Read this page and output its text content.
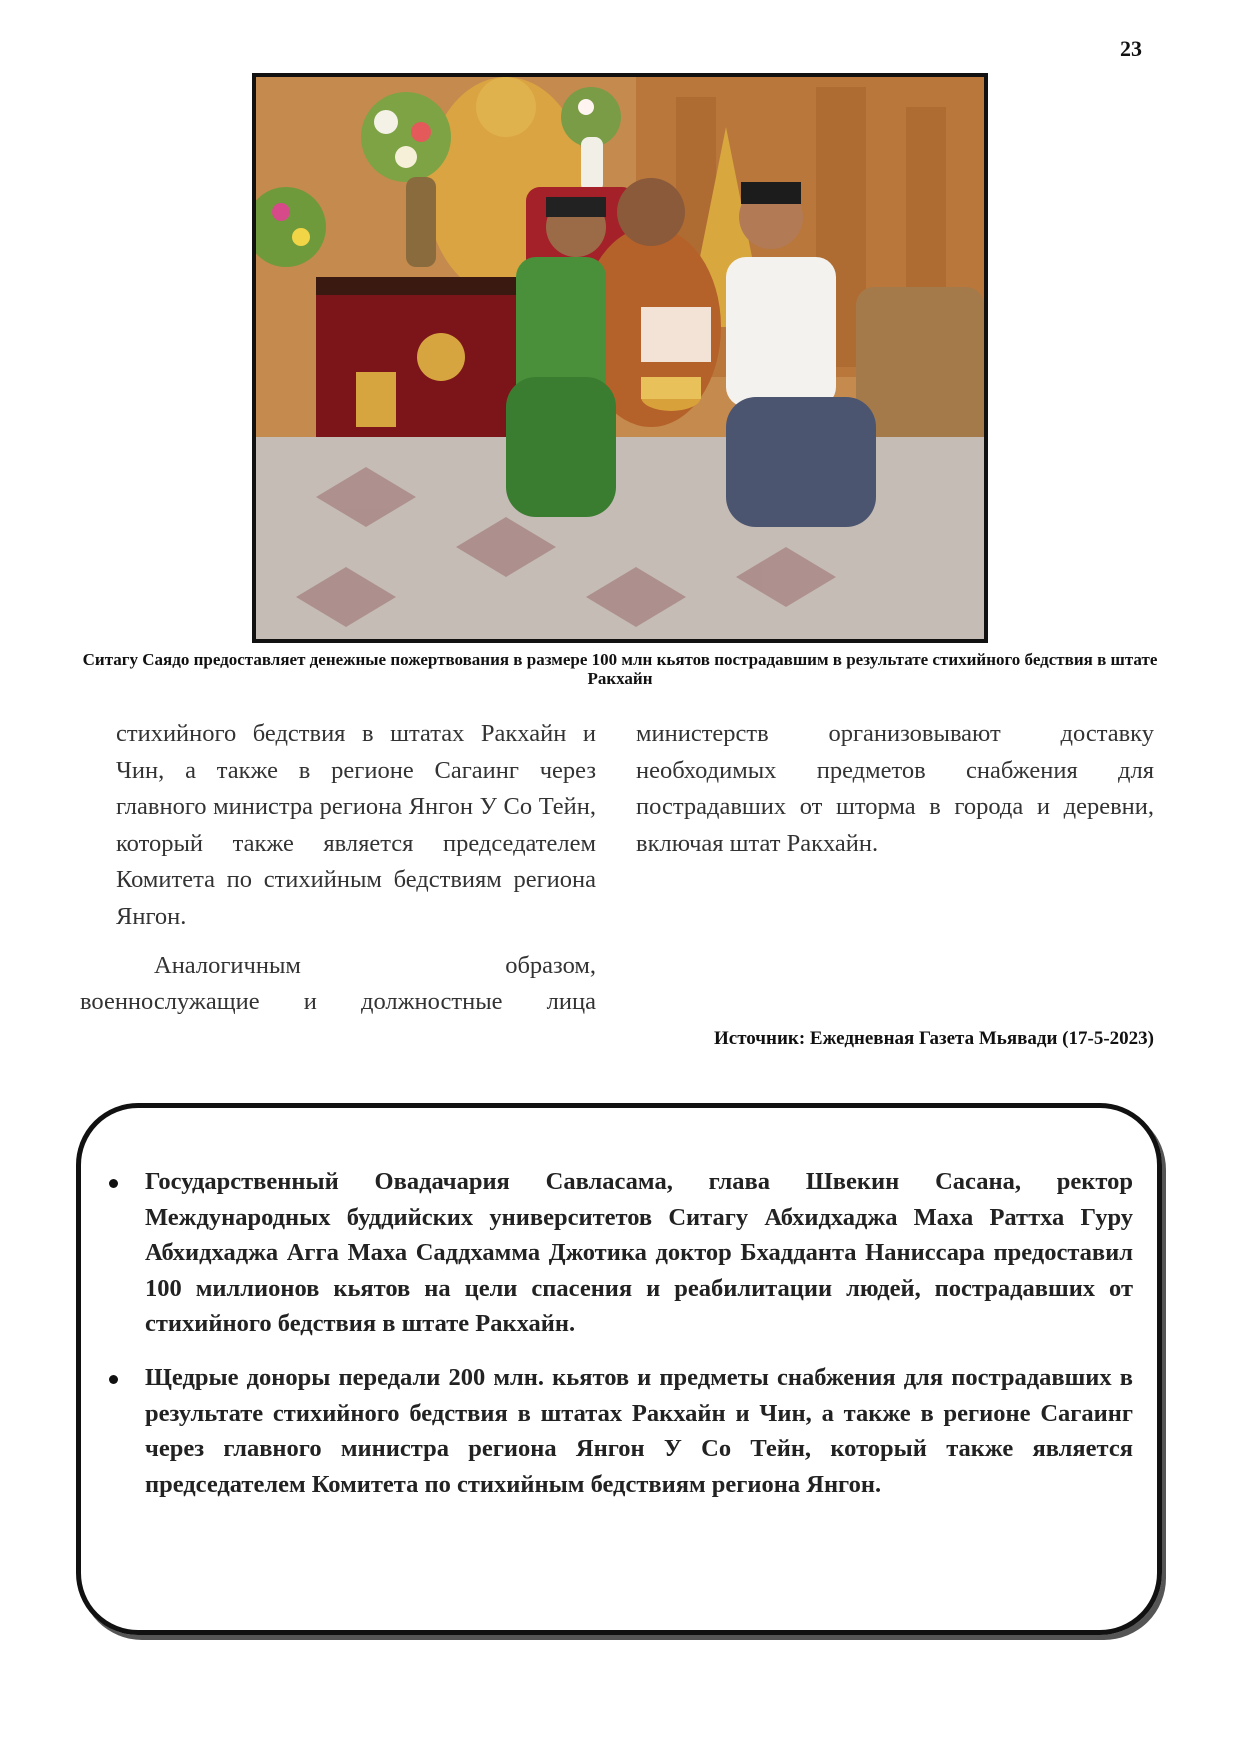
23
Ситагу Саядо предоставляет денежные пожертвования в размере 100 млн кьятов пострадавшим в результате стихийного бедствия в штате Ракхайн

стихийного бедствия в штатах Ракхайн и Чин, а также в регионе Сагаинг через главного министра региона Янгон У Со Тейн, который также является председателем Комитета по стихийным бедствиям региона Янгон.

Аналогичным образом,

военнослужащие и должностные лица

министерств организовывают доставку необходимых предметов снабжения для пострадавших от шторма в города и деревни, включая штат Ракхайн.

Источник: Ежедневная Газета Мьявади (17-5-2023)
Государственный Овадачария Савласама, глава Швекин Сасана, ректор Международных буддийских университетов Ситагу Абхидхаджа Маха Раттха Гуру Абхидхаджа Агга Маха Саддхамма Джотика доктор Бхадданта Наниссара предоставил 100 миллионов кьятов на цели спасения и реабилитации людей, пострадавших от стихийного бедствия в штате Ракхайн.
Щедрые доноры передали 200 млн. кьятов и предметы снабжения для пострадавших в результате стихийного бедствия в штатах Ракхайн и Чин, а также в регионе Сагаинг через главного министра региона Янгон У Со Тейн, который также является председателем Комитета по стихийным бедствиям региона Янгон.
